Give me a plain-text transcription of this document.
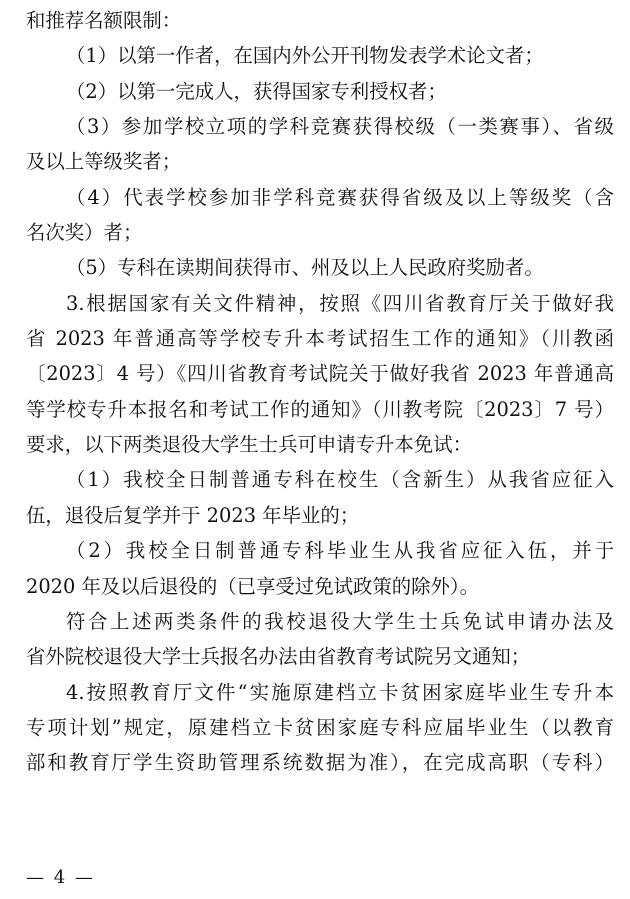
和推荐名额限制：
（1）以第一作者，在国内外公开刊物发表学术论文者；
（2）以第一完成人，获得国家专利授权者；
（3）参加学校立项的学科竞赛获得校级（一类赛事）、省级
及以上等级奖者；
（4）代表学校参加非学科竞赛获得省级及以上等级奖（含
名次奖）者；
（5）专科在读期间获得市、州及以上人民政府奖励者。
3.根据国家有关文件精神，按照《四川省教育厅关于做好我
省 2023 年普通高等学校专升本考试招生工作的通知》（川教函
〔2023〕4 号）《四川省教育考试院关于做好我省 2023 年普通高
等学校专升本报名和考试工作的通知》（川教考院〔2023〕7 号）
要求，以下两类退役大学生士兵可申请专升本免试：
（1）我校全日制普通专科在校生（含新生）从我省应征入
伍，退役后复学并于 2023 年毕业的；
（2）我校全日制普通专科毕业生从我省应征入伍，并于
2020 年及以后退役的（已享受过免试政策的除外）。
符合上述两类条件的我校退役大学生士兵免试申请办法及
省外院校退役大学士兵报名办法由省教育考试院另文通知；
4.按照教育厅文件“实施原建档立卡贫困家庭毕业生专升本
专项计划”规定，原建档立卡贫困家庭专科应届毕业生（以教育
部和教育厅学生资助管理系统数据为准），在完成高职（专科）
— 4 —
